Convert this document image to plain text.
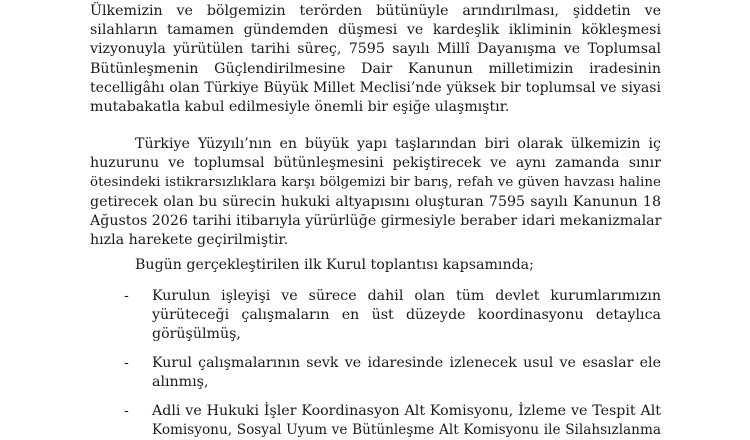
Ülkemizin ve bölgemizin terörden bütünüyle arındırılması, şiddetin ve
silahların tamamen gündemden düşmesi ve kardeşlik ikliminin kökleşmesi
vizyonuyla yürütülen tarihi süreç, 7595 sayılı Millî Dayanışma ve Toplumsal
Bütünleşmenin Güçlendirilmesine Dair Kanunun milletimizin iradesinin
tecelligâhı olan Türkiye Büyük Millet Meclisi’nde yüksek bir toplumsal ve siyasi
mutabakatla kabul edilmesiyle önemli bir eşiğe ulaşmıştır.

Türkiye Yüzyılı’nın en büyük yapı taşlarından biri olarak ülkemizin iç
huzurunu ve toplumsal bütünleşmesini pekiştirecek ve aynı zamanda sınır
ötesindeki istikrarsızlıklara karşı bölgemizi bir barış, refah ve güven havzası haline
getirecek olan bu sürecin hukuki altyapısını oluşturan 7595 sayılı Kanunun 18
Ağustos 2026 tarihi itibarıyla yürürlüğe girmesiyle beraber idari mekanizmalar
hızla harekete geçirilmiştir.

Bugün gerçekleştirilen ilk Kurul toplantısı kapsamında;

- Kurulun işleyişi ve sürece dahil olan tüm devlet kurumlarımızın
yürüteceği çalışmaların en üst düzeyde koordinasyonu detaylıca
görüşülmüş,
- Kurul çalışmalarının sevk ve idaresinde izlenecek usul ve esaslar ele
alınmış,
- Adli ve Hukuki İşler Koordinasyon Alt Komisyonu, İzleme ve Tespit Alt
Komisyonu, Sosyal Uyum ve Bütünleşme Alt Komisyonu ile Silahsızlanma
